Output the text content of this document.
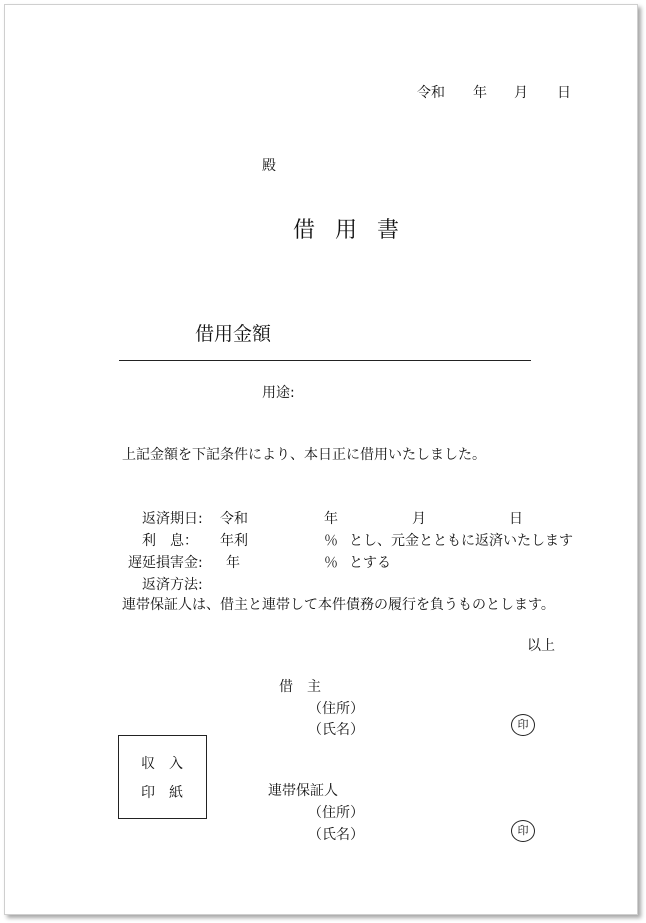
令和 年 月 日
殿
借 用 書
借用金額
用途:
上記金額を下記条件により、本日正に借用いたしました。
返済期日: 令和	年	月	日
利　息： 年利	％ とし、元金とともに返済いたします
遅延損害金: 年	％ とする
返済方法:
連帯保証人は、借主と連帯して本件債務の履行を負うものとします。
以上
借　主
（住所）
（氏名）	印
収　入
印　紙	連帯保証人
（住所）
（氏名）	印
